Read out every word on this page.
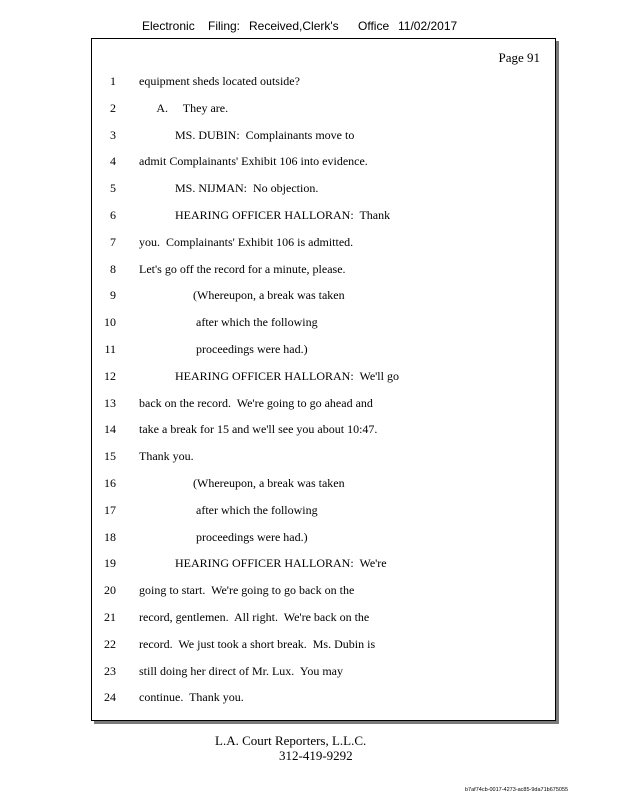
Electronic Filing: Received,Clerk's Office 11/02/2017
Page 91
1 equipment sheds located outside?
2 A.     They are.
3 MS. DUBIN:  Complainants move to
4 admit Complainants' Exhibit 106 into evidence.
5 MS. NIJMAN:  No objection.
6 HEARING OFFICER HALLORAN:  Thank
7 you.  Complainants' Exhibit 106 is admitted.
8 Let's go off the record for a minute, please.
9 (Whereupon, a break was taken
10 after which the following
11 proceedings were had.)
12 HEARING OFFICER HALLORAN:  We'll go
13 back on the record.  We're going to go ahead and
14 take a break for 15 and we'll see you about 10:47.
15 Thank you.
16 (Whereupon, a break was taken
17 after which the following
18 proceedings were had.)
19 HEARING OFFICER HALLORAN:  We're
20 going to start.  We're going to go back on the
21 record, gentlemen.  All right.  We're back on the
22 record.  We just took a short break.  Ms. Dubin is
23 still doing her direct of Mr. Lux.  You may
24 continue.  Thank you.
L.A. Court Reporters, L.L.C.
312-419-9292
b7af74cb-0017-4273-ac85-9da71b675055
